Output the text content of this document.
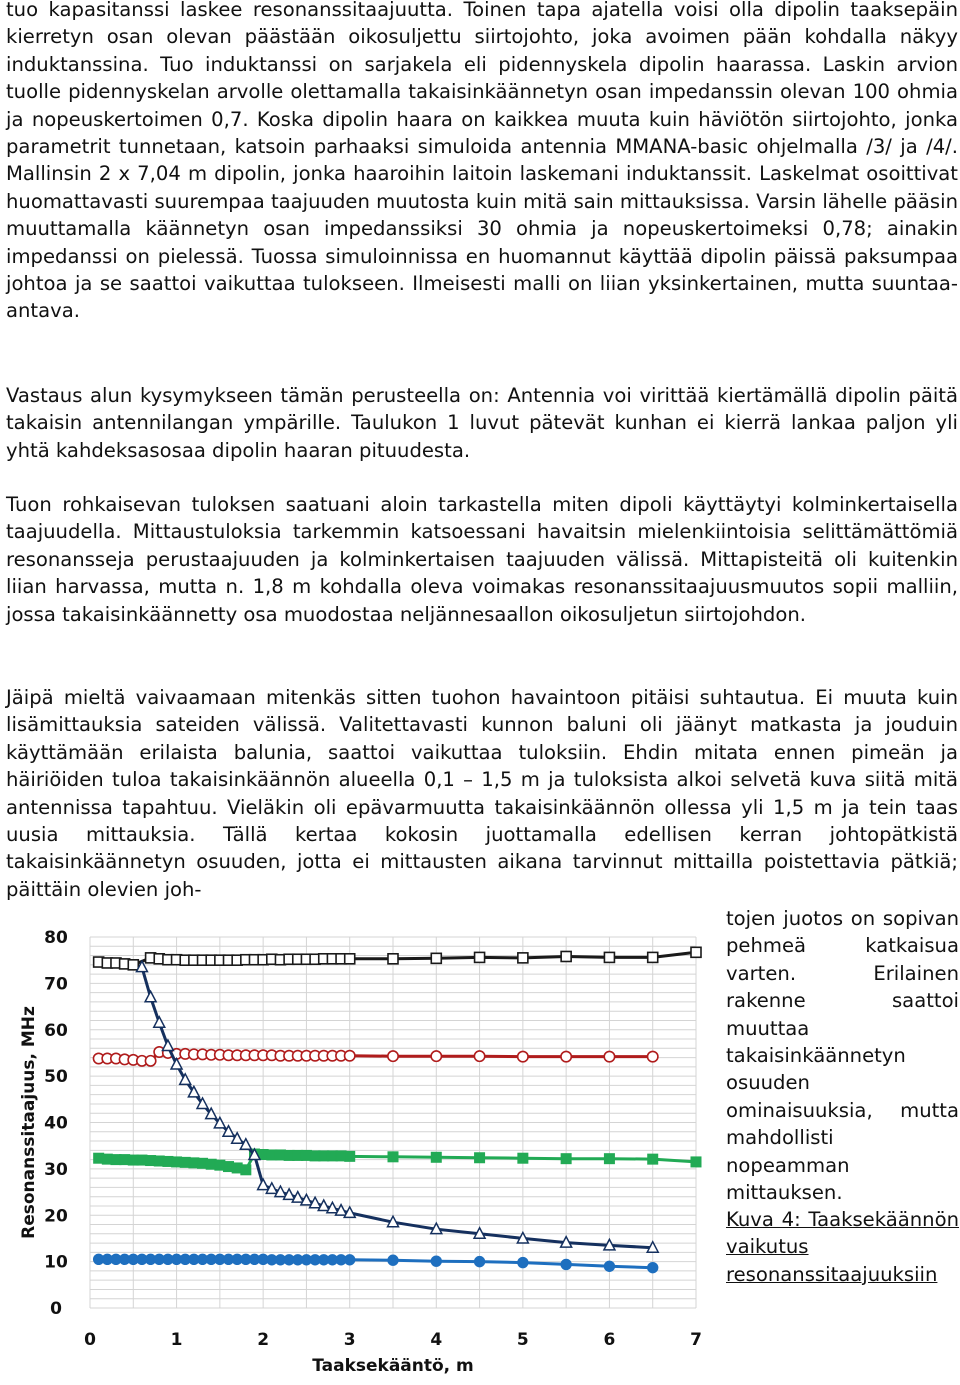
tuo kapasitanssi laskee resonanssitaajuutta. Toinen tapa ajatella voisi olla dipolin taaksepäin kierretyn osan olevan päästään oikosuljettu siirtojohto, joka avoimen pään kohdalla näkyy induktanssina. Tuo induktanssi on sarjakela eli pidennyskela dipolin haarassa. Laskin arvion tuolle pidennyskelan arvolle olettamalla takaisinkäännetyn osan impedanssin olevan 100 ohmia ja nopeuskertoimen 0,7. Koska dipolin haara on kaikkea muuta kuin häviötön siirtojohto, jonka parametrit tunnetaan, katsoin parhaaksi simuloida antennia MMANA-basic ohjelmalla /3/ ja /4/. Mallinsin 2 x 7,04 m dipolin, jonka haaroihin laitoin laskemani induktanssit. Laskelmat osoittivat huomattavasti suurempaa taajuuden muutosta kuin mitä sain mittauksissa. Varsin lähelle pääsin muuttamalla käännetyn osan impedanssiksi 30 ohmia ja nopeuskertoimeksi 0,78; ainakin impedanssi on pielessä. Tuossa simuloinnissa en huomannut käyttää dipolin päissä paksumpaa johtoa ja se saattoi vaikuttaa tulokseen. Ilmeisesti malli on liian yksinkertainen, mutta suuntaa-antava.

Vastaus alun kysymykseen tämän perusteella on: Antennia voi virittää kiertämällä dipolin päitä takaisin antennilangan ympärille. Taulukon 1 luvut pätevät kunhan ei kierrä lankaa paljon yli yhtä kahdeksasosaa dipolin haaran pituudesta.

Tuon rohkaisevan tuloksen saatuani aloin tarkastella miten dipoli käyttäytyi kolminkertaisella taajuudella. Mittaustuloksia tarkemmin katsoessani havaitsin mielenkiintoisia selittämättömiä resonansseja perustaajuuden ja kolminkertaisen taajuuden välissä. Mittapisteitä oli kuitenkin liian harvassa, mutta n. 1,8 m kohdalla oleva voimakas resonanssitaajuusmuutos sopii malliin, jossa takaisinkäännetty osa muodostaa neljännesaallon oikosuljetun siirtojohdon.

Jäipä mieltä vaivaamaan mitenkäs sitten tuohon havaintoon pitäisi suhtautua. Ei muuta kuin lisämittauksia sateiden välissä. Valitettavasti kunnon baluni oli jäänyt matkasta ja jouduin käyttämään erilaista balunia, saattoi vaikuttaa tuloksiin. Ehdin mitata ennen pimeän ja häiriöiden tuloa takaisinkäännön alueella 0,1 – 1,5 m ja tuloksista alkoi selvetä kuva siitä mitä antennissa tapahtuu. Vieläkin oli epävarmuutta takaisinkäännön ollessa yli 1,5 m ja tein taas uusia mittauksia. Tällä kertaa kokosin juottamalla edellisen kerran johtopätkistä takaisinkäännetyn osuuden, jotta ei mittausten aikana tarvinnut mittailla poistettavia pätkiä; päittäin olevien joh-

0
10
20
30
40
50
60
70
80
0	1	2	3	4	5	6	7
Taaksekääntö, m
Resonanssitaajuus, MHz

tojen juotos on sopivan pehmeä katkaisua varten. Erilainen rakenne saattoi muuttaa takaisinkäännetyn osuuden ominaisuuksia, mutta mahdollisti nopeamman mittauksen.

Kuva 4: Taaksekäännön vaikutus resonanssitaajuuksiin
